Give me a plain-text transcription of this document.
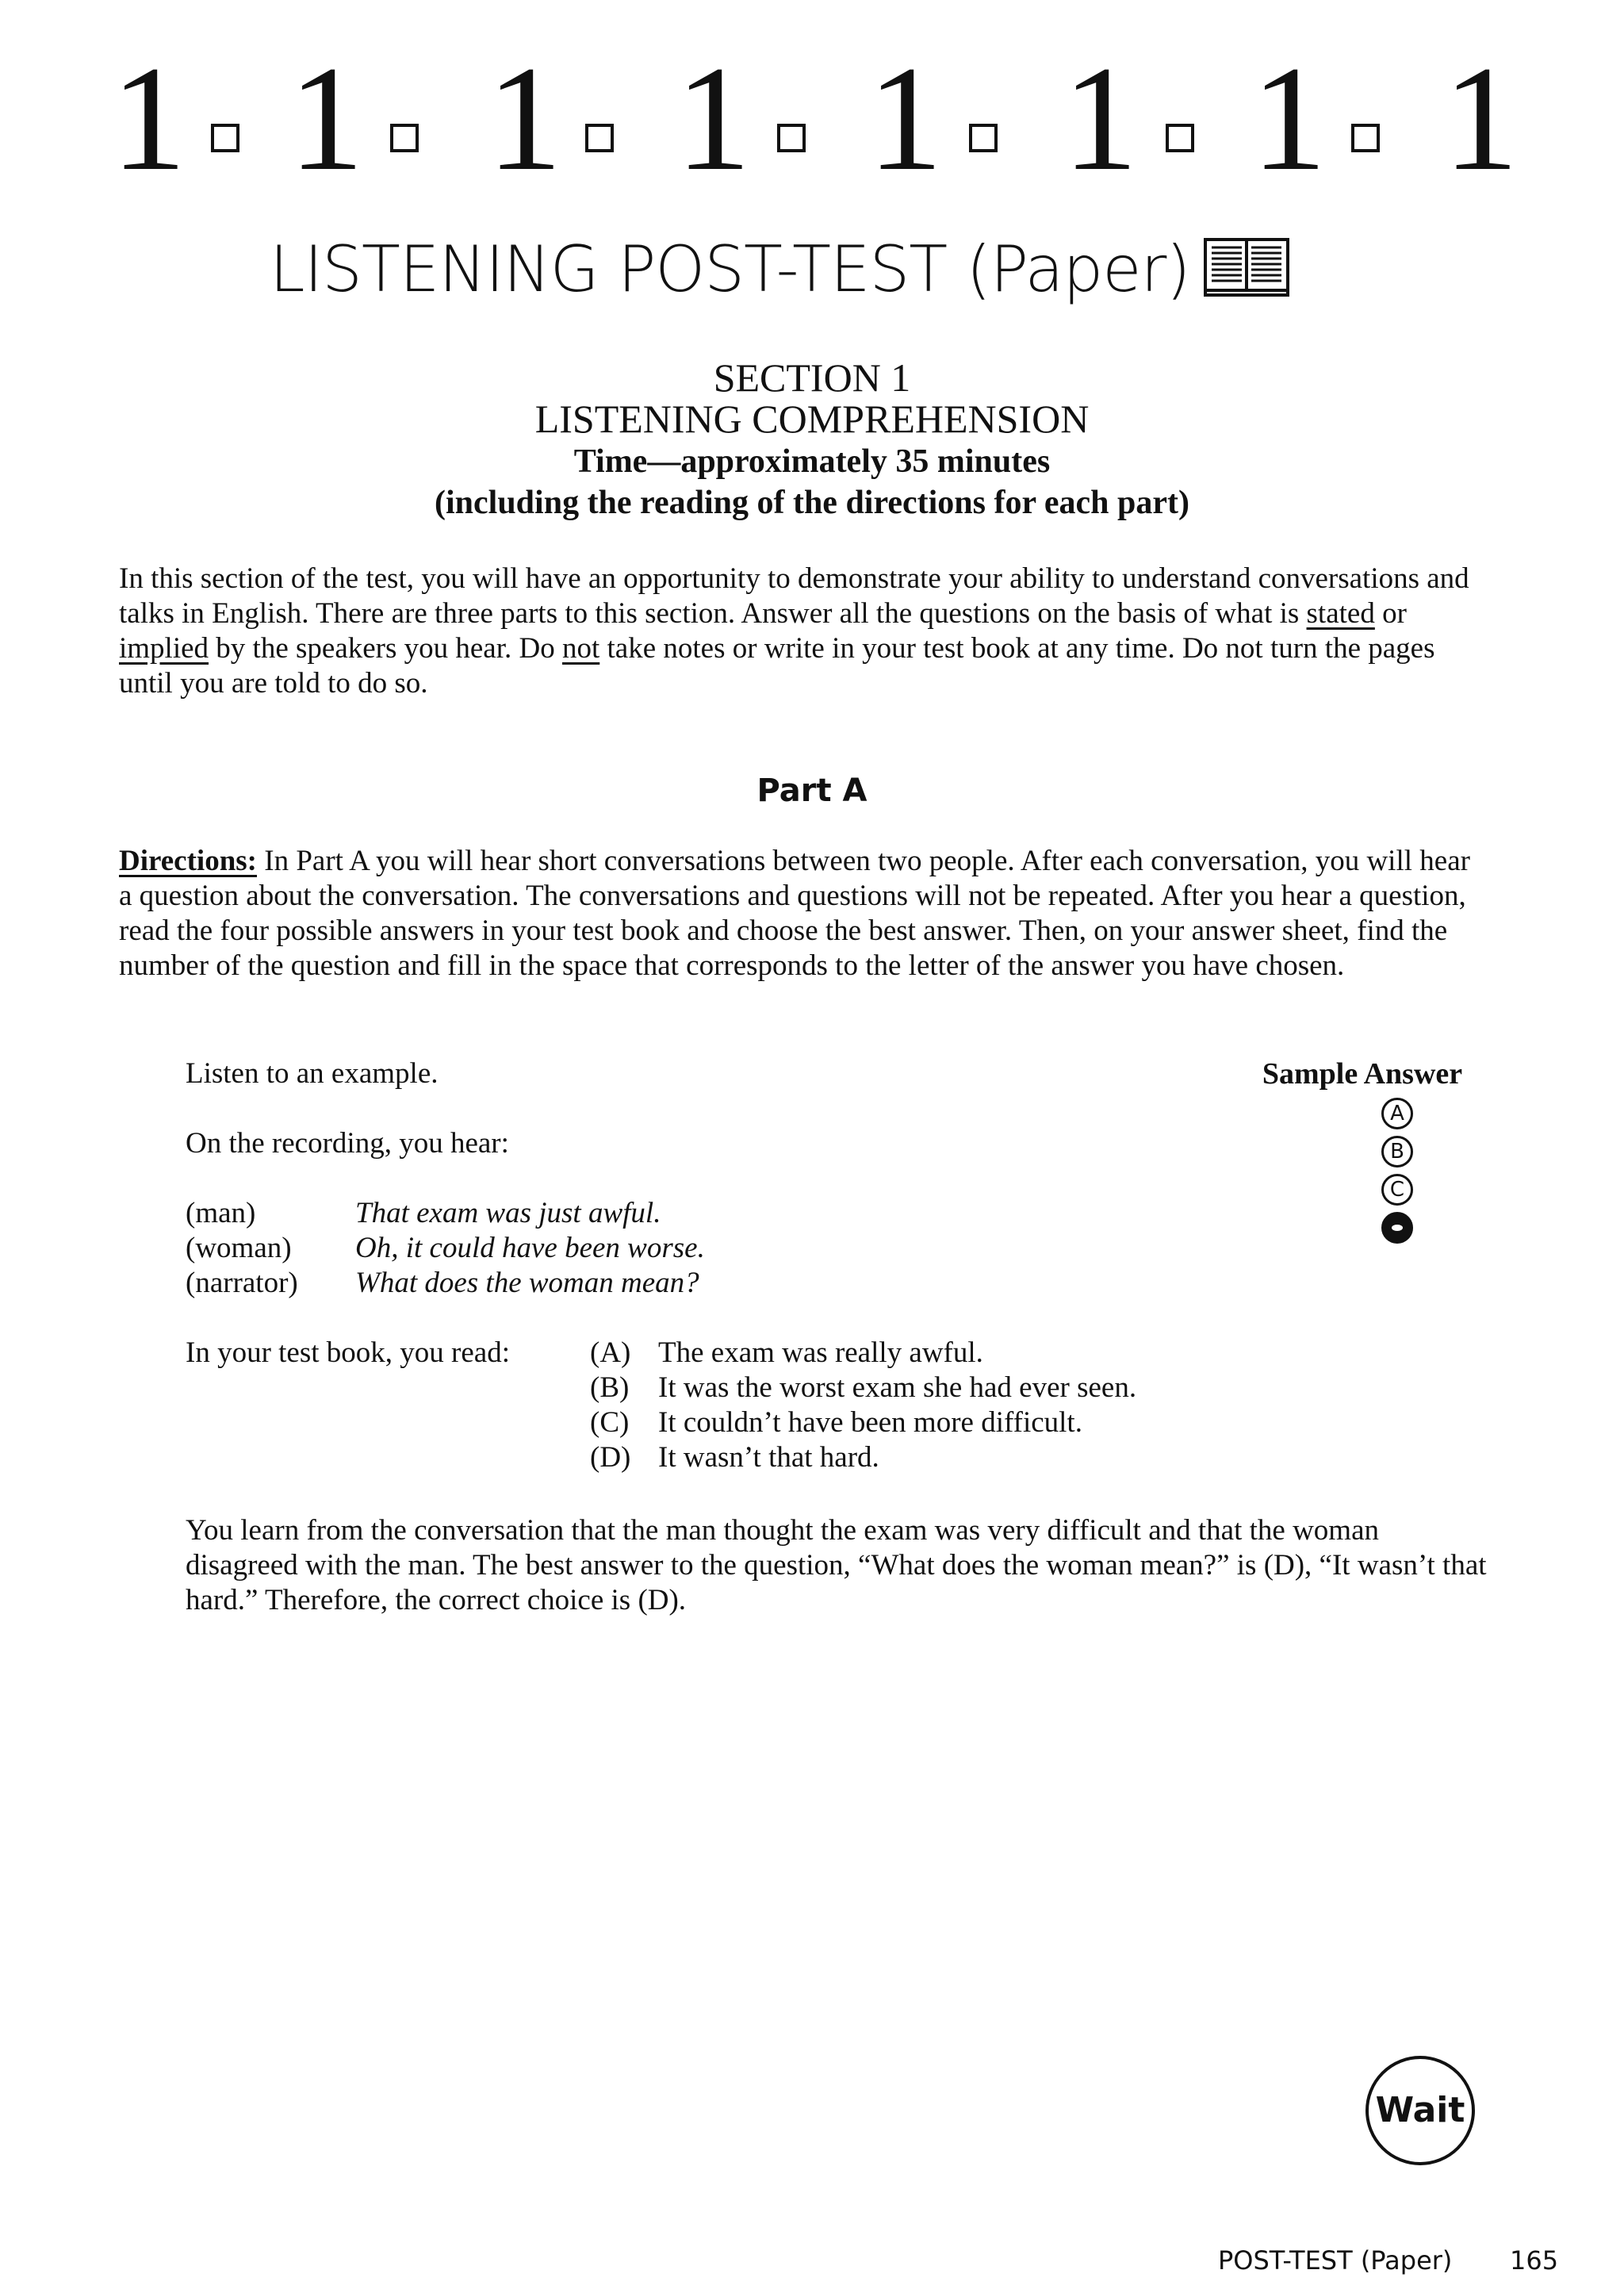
1 1 1 1 1 1 1 1
LISTENING POST-TEST (Paper)
SECTION 1
LISTENING COMPREHENSION
Time—approximately 35 minutes
(including the reading of the directions for each part)
In this section of the test, you will have an opportunity to demonstrate your ability to understand conversations and talks in English. There are three parts to this section. Answer all the questions on the basis of what is stated or implied by the speakers you hear. Do not take notes or write in your test book at any time. Do not turn the pages until you are told to do so.
Part A
Directions: In Part A you will hear short conversations between two people. After each conversation, you will hear a question about the conversation. The conversations and questions will not be repeated. After you hear a question, read the four possible answers in your test book and choose the best answer. Then, on your answer sheet, find the number of the question and fill in the space that corresponds to the letter of the answer you have chosen.
Listen to an example.
On the recording, you hear:
(man)	That exam was just awful.
(woman) Oh, it could have been worse.
(narrator) What does the woman mean?
In your test book, you read:	(A) The exam was really awful.
(B) It was the worst exam she had ever seen.
(C) It couldn’t have been more difficult.
(D) It wasn’t that hard.
You learn from the conversation that the man thought the exam was very difficult and that the woman disagreed with the man. The best answer to the question, “What does the woman mean?” is (D), “It wasn’t that hard.” Therefore, the correct choice is (D).
Sample Answer
A
B
C
Wait
POST-TEST (Paper) 165
